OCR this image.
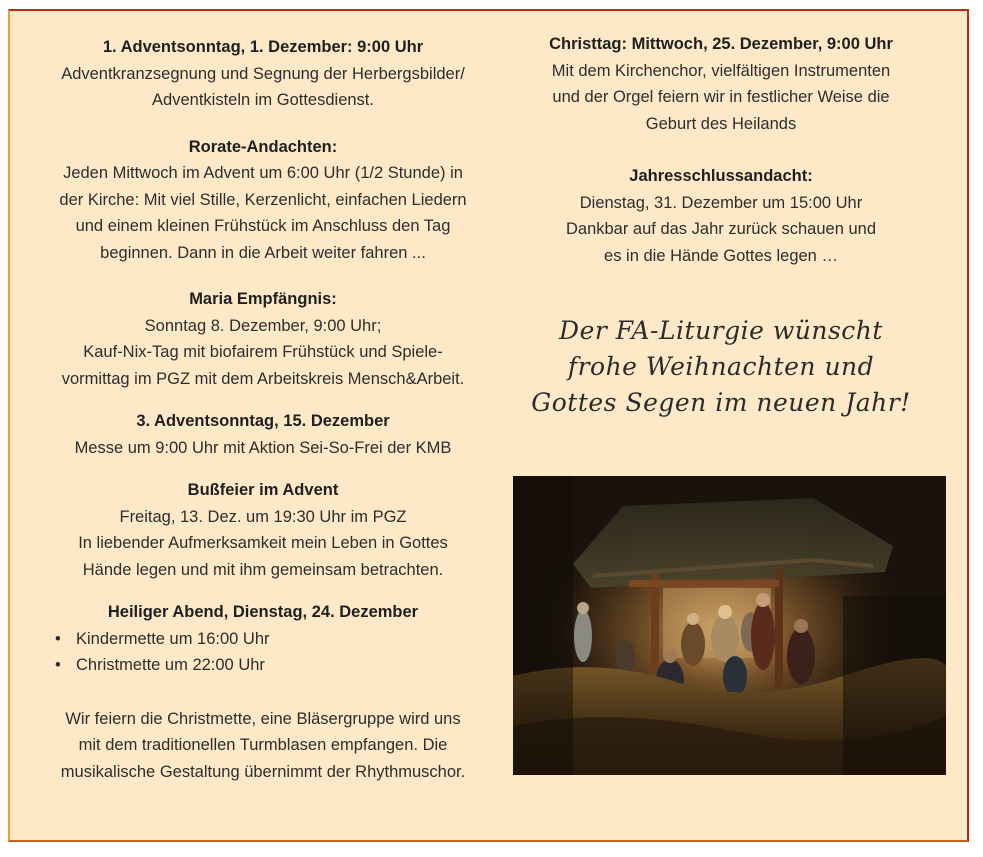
1. Adventsonntag, 1. Dezember: 9:00 Uhr
Adventkranzsegnung und Segnung der Herbergsbilder/
Adventkisteln im Gottesdienst.
Rorate-Andachten:
Jeden Mittwoch im Advent um 6:00 Uhr (1/2 Stunde) in
der Kirche: Mit viel Stille, Kerzenlicht, einfachen Liedern
und einem kleinen Frühstück im Anschluss den Tag
beginnen. Dann in die Arbeit weiter fahren ...
Maria Empfängnis:
Sonntag 8. Dezember, 9:00 Uhr;
Kauf-Nix-Tag mit biofairem Frühstück und Spiele-
vormittag im PGZ mit dem Arbeitskreis Mensch&Arbeit.
3. Adventsonntag, 15. Dezember
Messe um 9:00 Uhr mit Aktion Sei-So-Frei der KMB
Bußfeier im Advent
Freitag, 13. Dez. um 19:30 Uhr im PGZ
In liebender Aufmerksamkeit mein Leben in Gottes
Hände legen und mit ihm gemeinsam betrachten.
Heiliger Abend, Dienstag, 24. Dezember
• Kindermette um 16:00 Uhr
• Christmette um 22:00 Uhr
Wir feiern die Christmette, eine Bläsergruppe wird uns
mit dem traditionellen Turmblasen empfangen. Die
musikalische Gestaltung übernimmt der Rhythmuschor.
Christtag: Mittwoch, 25. Dezember, 9:00 Uhr
Mit dem Kirchenchor, vielfältigen Instrumenten
und der Orgel feiern wir in festlicher Weise die
Geburt des Heilands
Jahresschlussandacht:
Dienstag, 31. Dezember um 15:00 Uhr
Dankbar auf das Jahr zurück schauen und
es in die Hände Gottes legen …
Der FA-Liturgie wünscht
frohe Weihnachten und
Gottes Segen im neuen Jahr!
